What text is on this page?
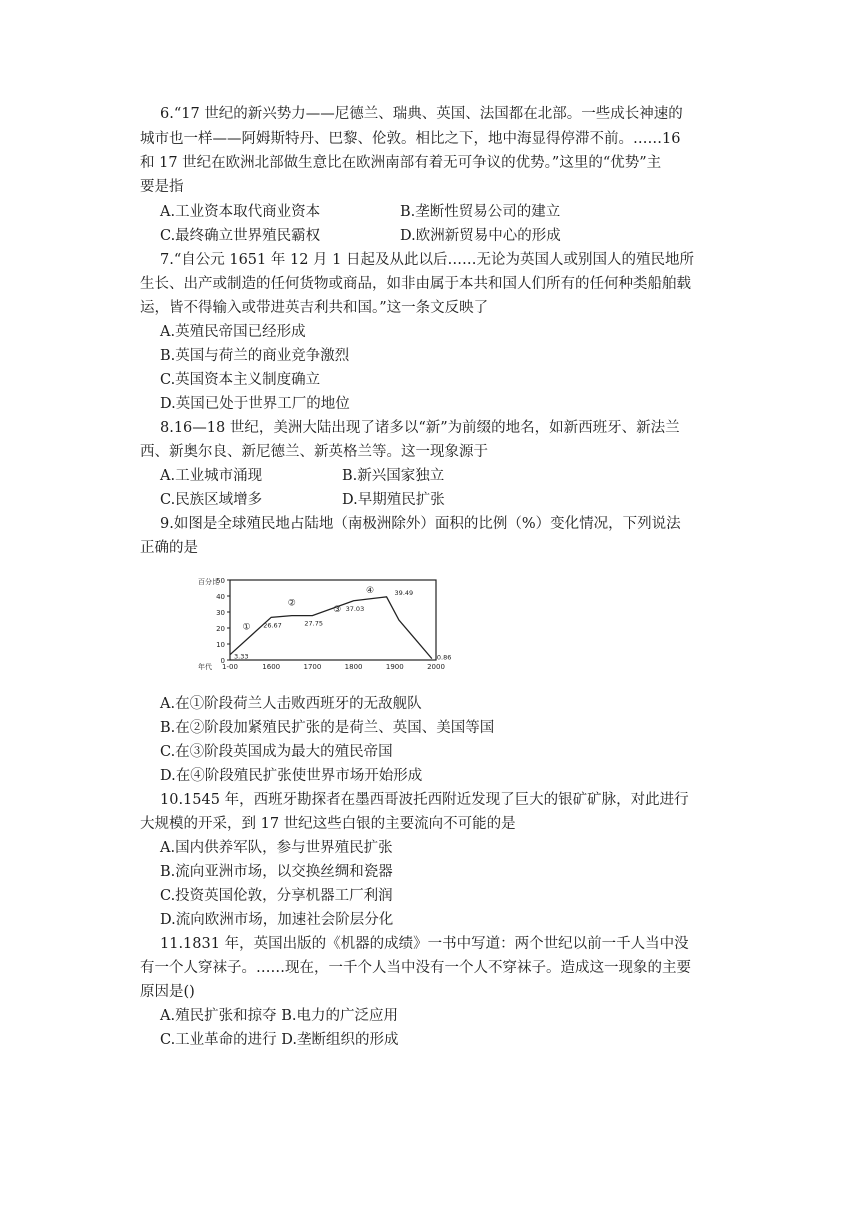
6.“17 世纪的新兴势力——尼德兰、瑞典、英国、法国都在北部。一些成长神速的
城市也一样——阿姆斯特丹、巴黎、伦敦。相比之下，地中海显得停滞不前。……16
和 17 世纪在欧洲北部做生意比在欧洲南部有着无可争议的优势。”这里的“优势”主
要是指
A.工业资本取代商业资本	B.垄断性贸易公司的建立
C.最终确立世界殖民霸权	D.欧洲新贸易中心的形成
7.“自公元 1651 年 12 月 1 日起及从此以后……无论为英国人或别国人的殖民地所
生长、出产或制造的任何货物或商品，如非由属于本共和国人们所有的任何种类船舶载
运，皆不得输入或带进英吉利共和国。”这一条文反映了
A.英殖民帝国已经形成
B.英国与荷兰的商业竞争激烈
C.英国资本主义制度确立
D.英国已处于世界工厂的地位
8.16—18 世纪，美洲大陆出现了诸多以“新”为前缀的地名，如新西班牙、新法兰
西、新奥尔良、新尼德兰、新英格兰等。这一现象源于
A.工业城市涌现	B.新兴国家独立
C.民族区域增多	D.早期殖民扩张
9.如图是全球殖民地占陆地（南极洲除外）面积的比例（%）变化情况，下列说法
正确的是
0
10
20
30
40
50
1-00	1600	1700	1800	1900	2000
百分比
年代
3.33
26.67	27.75
37.03
39.49
0.86
①
②
③
④
A.在①阶段荷兰人击败西班牙的无敌舰队
B.在②阶段加紧殖民扩张的是荷兰、英国、美国等国
C.在③阶段英国成为最大的殖民帝国
D.在④阶段殖民扩张使世界市场开始形成
10.1545 年，西班牙勘探者在墨西哥波托西附近发现了巨大的银矿矿脉，对此进行
大规模的开采，到 17 世纪这些白银的主要流向不可能的是
A.国内供养军队，参与世界殖民扩张
B.流向亚洲市场，以交换丝绸和瓷器
C.投资英国伦敦，分享机器工厂利润
D.流向欧洲市场，加速社会阶层分化
11.1831 年，英国出版的《机器的成绩》一书中写道：两个世纪以前一千人当中没
有一个人穿袜子。……现在，一千个人当中没有一个人不穿袜子。造成这一现象的主要
原因是()
A.殖民扩张和掠夺 B.电力的广泛应用
C.工业革命的进行 D.垄断组织的形成
